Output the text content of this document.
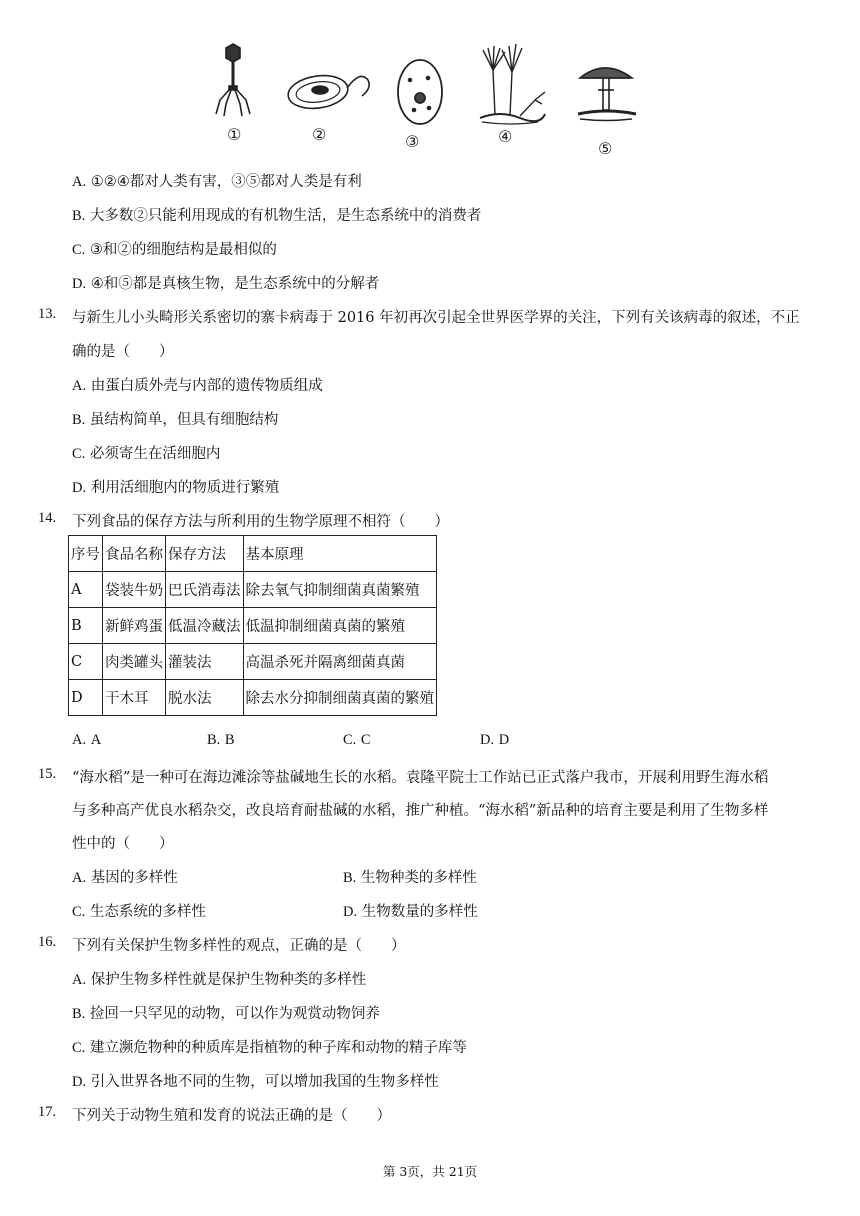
①	②	③	④
⑤
A. ①②④都对人类有害，③⑤都对人类是有利
B. 大多数②只能利用现成的有机物生活，是生态系统中的消费者
C. ③和②的细胞结构是最相似的
D. ④和⑤都是真核生物，是生态系统中的分解者
13. 与新生儿小头畸形关系密切的寨卡病毒于 2016 年初再次引起全世界医学界的关注，下列有关该病毒的叙述，不正
确的是（　　）
A. 由蛋白质外壳与内部的遗传物质组成
B. 虽结构简单，但具有细胞结构
C. 必须寄生在活细胞内
D. 利用活细胞内的物质进行繁殖
14. 下列食品的保存方法与所利用的生物学原理不相符（　　）
序号	食品名称	保存方法	基本原理
A	袋装牛奶	巴氏消毒法	除去氧气抑制细菌真菌繁殖
B	新鲜鸡蛋	低温冷藏法	低温抑制细菌真菌的繁殖
C	肉类罐头	灌装法	高温杀死并隔离细菌真菌
D	干木耳	脱水法	除去水分抑制细菌真菌的繁殖
A. A	B. B	C. C	D. D
15. “海水稻”是一种可在海边滩涂等盐碱地生长的水稻。袁隆平院士工作站已正式落户我市，开展利用野生海水稻
与多种高产优良水稻杂交，改良培育耐盐碱的水稻，推广种植。“海水稻”新品种的培育主要是利用了生物多样
性中的（　　）
A. 基因的多样性	B. 生物种类的多样性
C. 生态系统的多样性	D. 生物数量的多样性
16. 下列有关保护生物多样性的观点，正确的是（　　）
A. 保护生物多样性就是保护生物种类的多样性
B. 捡回一只罕见的动物，可以作为观赏动物饲养
C. 建立濒危物种的种质库是指植物的种子库和动物的精子库等
D. 引入世界各地不同的生物，可以增加我国的生物多样性
17. 下列关于动物生殖和发育的说法正确的是（　　）
第 3页，共 21页
